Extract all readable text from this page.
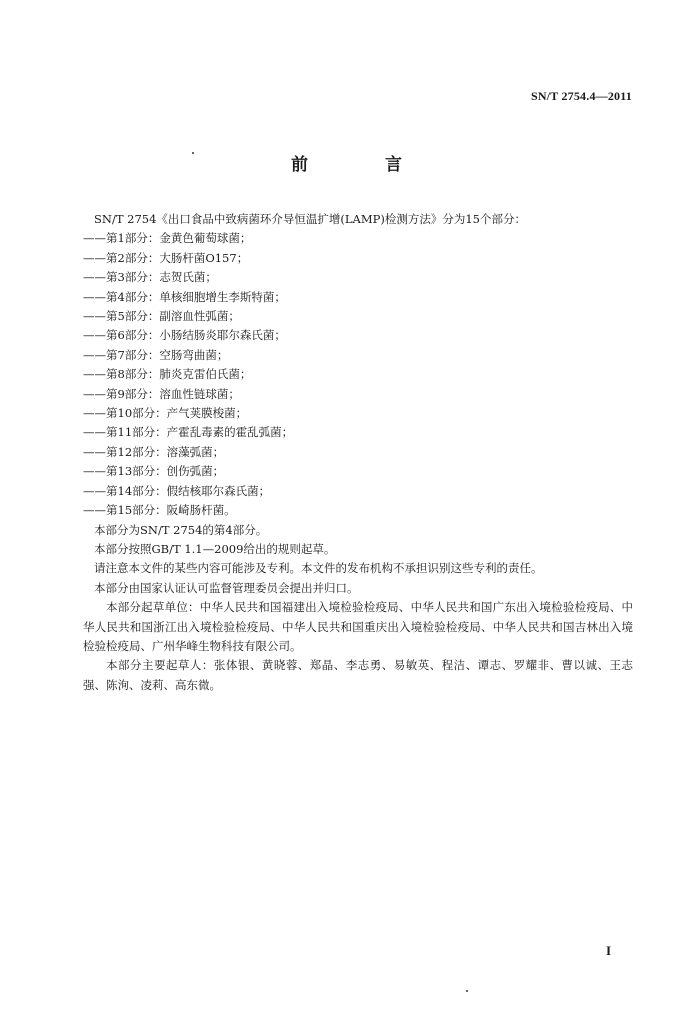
SN/T 2754.4—2011
前　言
SN/T 2754《出口食品中致病菌环介导恒温扩增(LAMP)检测方法》分为15个部分：
——第1部分：金黄色葡萄球菌；
——第2部分：大肠杆菌O157；
——第3部分：志贺氏菌；
——第4部分：单核细胞增生李斯特菌；
——第5部分：副溶血性弧菌；
——第6部分：小肠结肠炎耶尔森氏菌；
——第7部分：空肠弯曲菌；
——第8部分：肺炎克雷伯氏菌；
——第9部分：溶血性链球菌；
——第10部分：产气荚膜梭菌；
——第11部分：产霍乱毒素的霍乱弧菌；
——第12部分：溶藻弧菌；
——第13部分：创伤弧菌；
——第14部分：假结核耶尔森氏菌；
——第15部分：阪崎肠杆菌。
本部分为SN/T 2754的第4部分。
本部分按照GB/T 1.1—2009给出的规则起草。
请注意本文件的某些内容可能涉及专利。本文件的发布机构不承担识别这些专利的责任。
本部分由国家认证认可监督管理委员会提出并归口。
本部分起草单位：中华人民共和国福建出入境检验检疫局、中华人民共和国广东出入境检验检疫局、中华人民共和国浙江出入境检验检疫局、中华人民共和国重庆出入境检验检疫局、中华人民共和国吉林出入境检验检疫局、广州华峰生物科技有限公司。
本部分主要起草人：张体银、黄晓蓉、郑晶、李志勇、易敏英、程洁、谭志、罗耀非、曹以诚、王志强、陈洵、凌莉、高东微。
I
